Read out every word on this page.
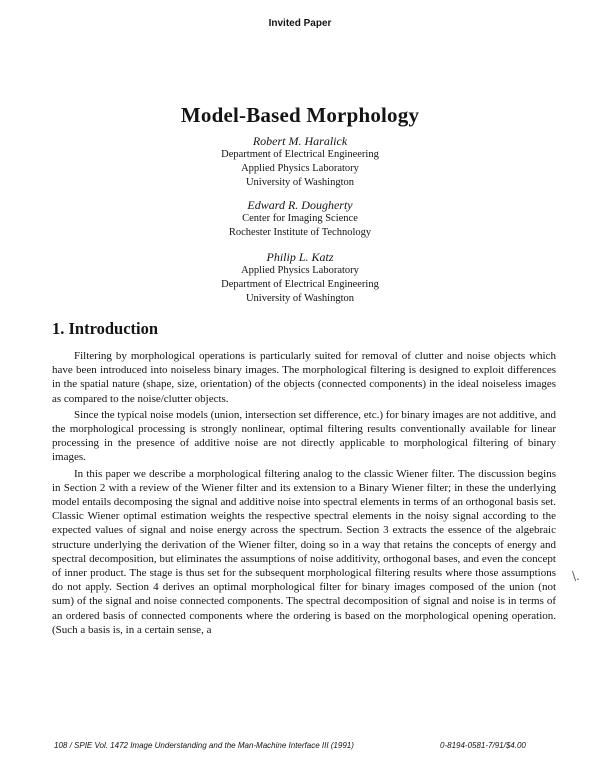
Invited Paper
Model-Based Morphology
Robert M. Haralick
Department of Electrical Engineering
Applied Physics Laboratory
University of Washington
Edward R. Dougherty
Center for Imaging Science
Rochester Institute of Technology
Philip L. Katz
Applied Physics Laboratory
Department of Electrical Engineering
University of Washington
1. Introduction

Filtering by morphological operations is particularly suited for removal of clutter and noise objects which have been introduced into noiseless binary images. The morphological filtering is designed to exploit differences in the spatial nature (shape, size, orientation) of the objects (connected components) in the ideal noiseless images as compared to the noise/clutter objects.

Since the typical noise models (union, intersection set difference, etc.) for binary images are not additive, and the morphological processing is strongly nonlinear, optimal filtering results conventionally available for linear processing in the presence of additive noise are not directly applicable to morphological filtering of binary images.

In this paper we describe a morphological filtering analog to the classic Wiener filter. The discussion begins in Section 2 with a review of the Wiener filter and its extension to a Binary Wiener filter; in these the underlying model entails decomposing the signal and additive noise into spectral elements in terms of an orthogonal basis set. Classic Wiener optimal estimation weights the respective spectral elements in the noisy signal according to the expected values of signal and noise energy across the spectrum. Section 3 extracts the essence of the algebraic structure underlying the derivation of the Wiener filter, doing so in a way that retains the concepts of energy and spectral decomposition, but eliminates the assumptions of noise additivity, orthogonal bases, and even the concept of inner product. The stage is thus set for the subsequent morphological filtering results where those assumptions do not apply. Section 4 derives an optimal morphological filter for binary images composed of the union (not sum) of the signal and noise connected components. The spectral decomposition of signal and noise is in terms of an ordered basis of connected components where the ordering is based on the morphological opening operation. (Such a basis is, in a certain sense, a

\.
108 / SPIE Vol. 1472 Image Understanding and the Man-Machine Interface III (1991)	0-8194-0581-7/91/$4.00
